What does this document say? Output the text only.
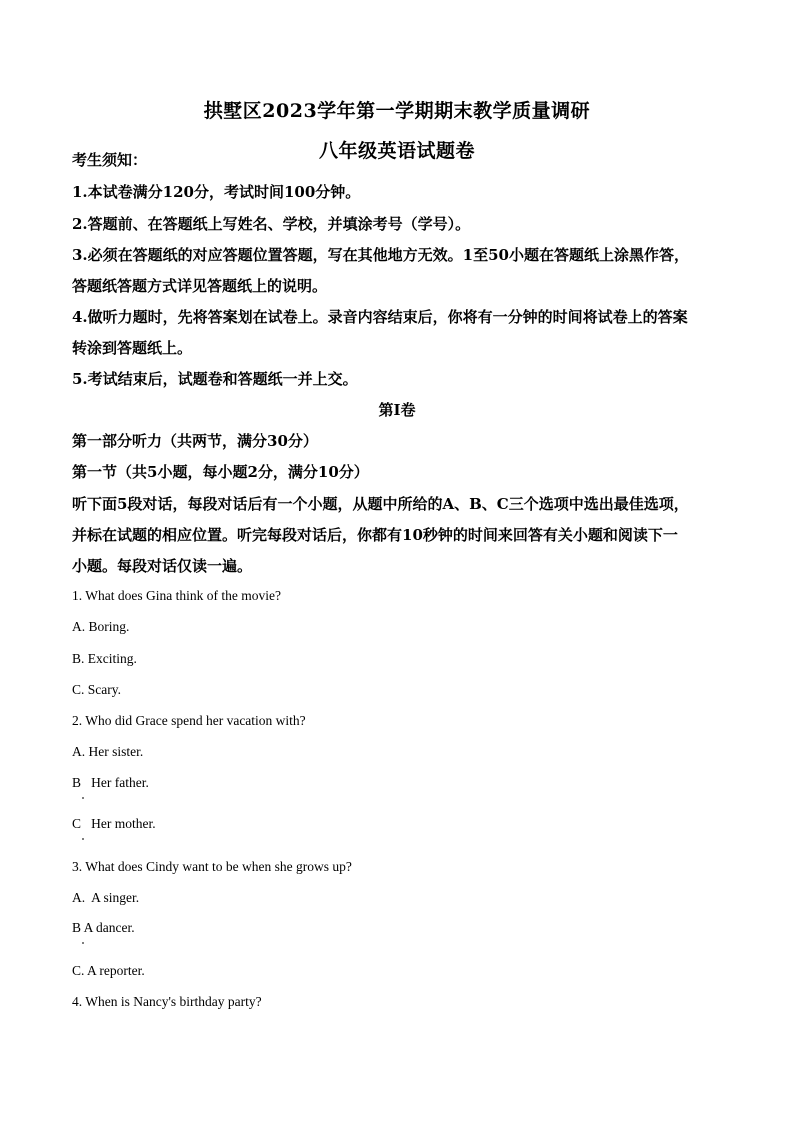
拱墅区2023学年第一学期期末教学质量调研
八年级英语试题卷
考生须知：
1.本试卷满分120分，考试时间100分钟。
2.答题前、在答题纸上写姓名、学校，并填涂考号（学号）。
3.必须在答题纸的对应答题位置答题，写在其他地方无效。1至50小题在答题纸上涂黑作答，
答题纸答题方式详见答题纸上的说明。
4.做听力题时，先将答案划在试卷上。录音内容结束后，你将有一分钟的时间将试卷上的答案
转涂到答题纸上。
5.考试结束后，试题卷和答题纸一并上交。
第I卷
第一部分听力（共两节，满分30分）
第一节（共5小题，每小题2分，满分10分）
听下面5段对话，每段对话后有一个小题，从题中所给的A、B、C三个选项中选出最佳选项，
并标在试题的相应位置。听完每段对话后，你都有10秒钟的时间来回答有关小题和阅读下一
小题。每段对话仅读一遍。
1. What does Gina think of the movie?
A. Boring.
B. Exciting.
C. Scary.
2. Who did Grace spend her vacation with?
A. Her sister.
B   Her father.
C   Her mother.
3. What does Cindy want to be when she grows up?
A.  A singer.
B A dancer.
C. A reporter.
4. When is Nancy's birthday party?
